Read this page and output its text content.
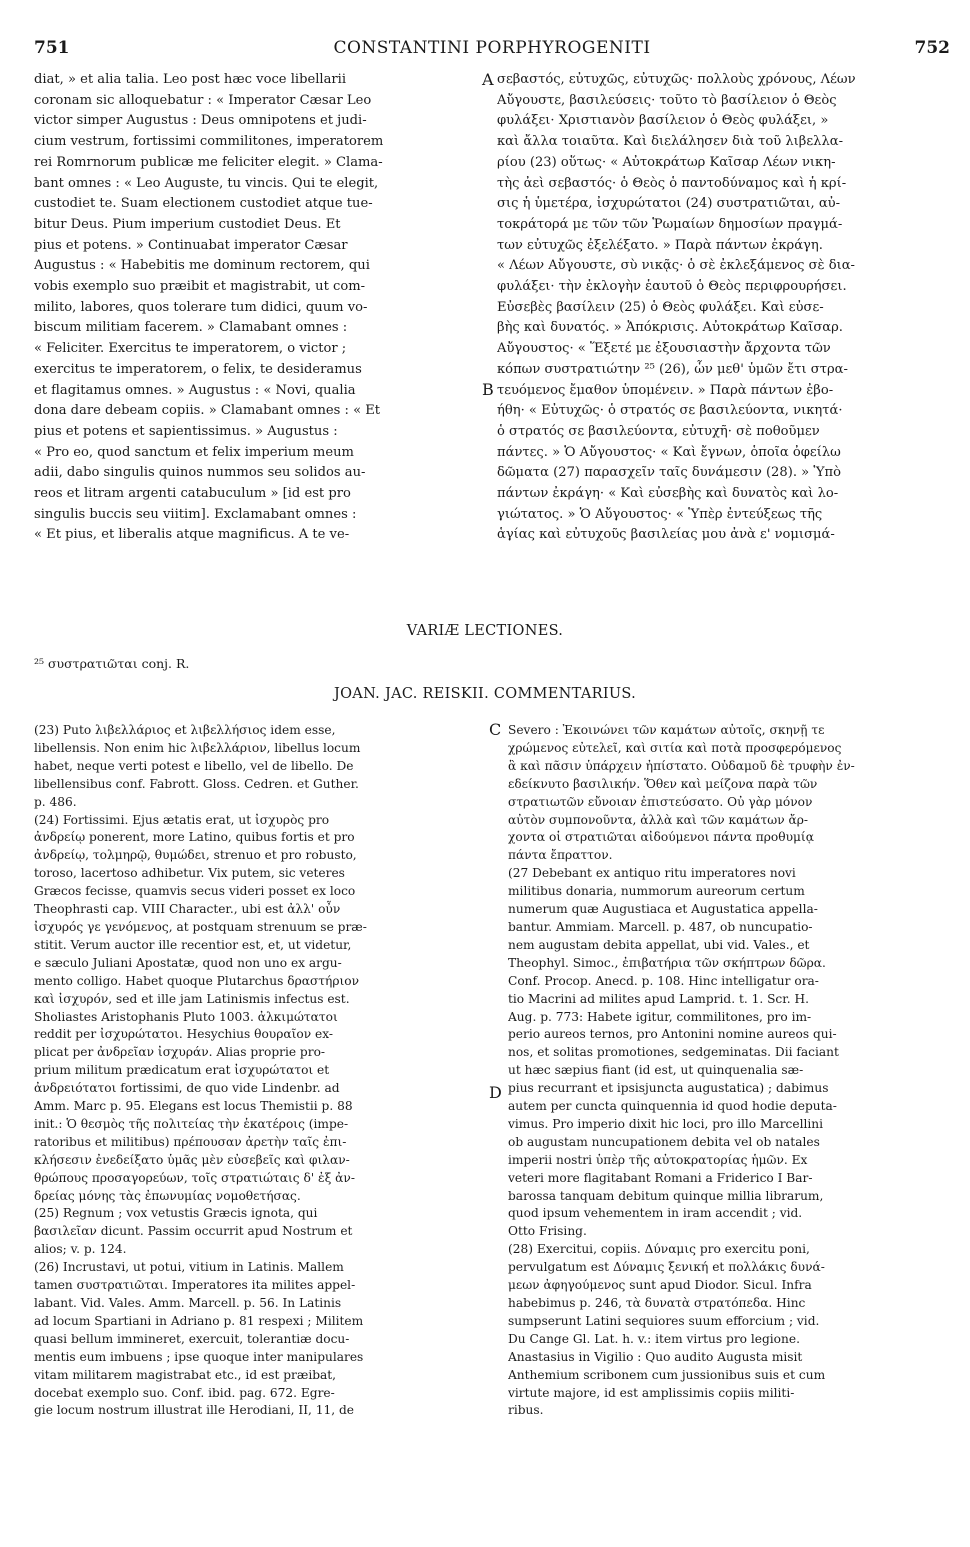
751	CONSTANTINI PORPHYROGENITI	752
diat, » et alia talia. Leo post hæc voce libellarii
coronam sic alloquebatur : « Imperator Cæsar Leo
victor simper Augustus : Deus omnipotens et judi-
cium vestrum, fortissimi commilitones, imperatorem
rei Romrnorum publicæ me feliciter elegit. » Clama-
bant omnes : « Leo Auguste, tu vincis. Qui te elegit,
custodiet te. Suam electionem custodiet atque tue-
bitur Deus. Pium imperium custodiet Deus. Et
pius et potens. » Continuabat imperator Cæsar
Augustus : « Habebitis me dominum rectorem, qui
vobis exemplo suo præibit et magistrabit, ut com-
milito, labores, quos tolerare tum didici, quum vo-
biscum militiam facerem. » Clamabant omnes :
« Feliciter. Exercitus te imperatorem, o victor ;
exercitus te imperatorem, o felix, te desideramus
et flagitamus omnes. » Augustus : « Novi, qualia
dona dare debeam copiis. » Clamabant omnes : « Et
pius et potens et sapientissimus. » Augustus :
« Pro eo, quod sanctum et felix imperium meum
adii, dabo singulis quinos nummos seu solidos au-
reos et litram argenti catabuculum » [id est pro
singulis buccis seu viitim]. Exclamabant omnes :
« Et pius, et liberalis atque magnificus. A te ve-
A
B
σεβαστός, εὐτυχῶς, εὐτυχῶς· πολλοὺς χρόνους, Λέων
Αὔγουστε, βασιλεύσεις· τοῦτο τὸ βασίλειον ὁ Θεὸς
φυλάξει· Χριστιανὸν βασίλειον ὁ Θεὸς φυλάξει, »
καὶ ἄλλα τοιαῦτα. Καὶ διελάλησεν διὰ τοῦ λιβελλα-
ρίου (23) οὕτως· « Αὐτοκράτωρ Καῖσαρ Λέων νικη-
τὴς ἀεὶ σεβαστός· ὁ Θεὸς ὁ παντοδύναμος καὶ ἡ κρί-
σις ἡ ὑμετέρα, ἰσχυρώτατοι (24) συστρατιῶται, αὐ-
τοκράτορά με τῶν τῶν Ῥωμαίων δημοσίων πραγμά-
των εὐτυχῶς ἐξελέξατο. » Παρὰ πάντων ἐκράγη.
« Λέων Αὔγουστε, σὺ νικᾷς· ὁ σὲ ἐκλεξάμενος σὲ δια-
φυλάξει· τὴν ἐκλογὴν ἑαυτοῦ ὁ Θεὸς περιφρουρήσει.
Εὐσεβὲς βασίλειν (25) ὁ Θεὸς φυλάξει. Καὶ εὐσε-
βὴς καὶ δυνατός. » Ἀπόκρισις. Αὐτοκράτωρ Καῖσαρ.
Αὔγουστος· « Ἕξετέ με ἐξουσιαστὴν ἄρχοντα τῶν
κόπων συστρατιώτην ²⁵ (26), ὧν μεθ' ὑμῶν ἔτι στρα-
τευόμενος ἔμαθον ὑπομένειν. » Παρὰ πάντων ἐβο-
ήθη· « Εὐτυχῶς· ὁ στρατός σε βασιλεύοντα, νικητά·
ὁ στρατός σε βασιλεύοντα, εὐτυχῆ· σὲ ποθοῦμεν
πάντες. » Ὁ Αὔγουστος· « Καὶ ἔγνων, ὁποῖα ὀφείλω
δῶματα (27) παρασχεῖν ταῖς δυνάμεσιν (28). » Ὑπὸ
πάντων ἐκράγη· « Καὶ εὐσεβὴς καὶ δυνατὸς καὶ λο-
γιώτατος. » Ὁ Αὔγουστος· « Ὑπὲρ ἐντεύξεως τῆς
ἁγίας καὶ εὐτυχοῦς βασιλείας μου ἀνὰ ε' νομισμά-
VARIÆ LECTIONES.
²⁵ συστρατιῶται conj. R.
JOAN. JAC. REISKII. COMMENTARIUS.
(23) Puto λιβελλάριος et λιβελλήσιος idem esse,
libellensis. Non enim hic λιβελλάριον, libellus locum
habet, neque verti potest e libello, vel de libello. De
libellensibus conf. Fabrott. Gloss. Cedren. et Guther.
p. 486.
(24) Fortissimi. Ejus ætatis erat, ut ἰσχυρὸς pro
ἀνδρείῳ ponerent, more Latino, quibus fortis et pro
ἀνδρείῳ, τολμηρῷ, θυμώδει, strenuo et pro robusto,
toroso, lacertoso adhibetur. Vix putem, sic veteres
Græcos fecisse, quamvis secus videri posset ex loco
Theophrasti cap. VIII Character., ubi est ἀλλ' οὖν
ἰσχυρός γε γενόμενος, at postquam strenuum se præ-
stitit. Verum auctor ille recentior est, et, ut videtur,
e sæculo Juliani Apostatæ, quod non uno ex argu-
mento colligo. Habet quoque Plutarchus δραστήριον
καὶ ἰσχυρόν, sed et ille jam Latinismis infectus est.
Sholiastes Aristophanis Pluto 1003. ἀλκιμώτατοι
reddit per ἰσχυρώτατοι. Hesychius θουραῖον ex-
plicat per ἀνδρεῖαν ἰσχυράν. Alias proprie pro-
prium militum prædicatum erat ἰσχυρώτατοι et
ἀνδρειότατοι fortissimi, de quo vide Lindenbr. ad
Amm. Marc p. 95. Elegans est locus Themistii p. 88
init.: Ὁ θεσμὸς τῆς πολιτείας τὴν ἑκατέροις (impe-
ratoribus et militibus) πρέπουσαν ἀρετὴν ταῖς ἐπι-
κλήσεσιν ἐνεδείξατο ὑμᾶς μὲν εὐσεβεῖς καὶ φιλαν-
θρώπους προσαγορεύων, τοῖς στρατιώταις δ' ἐξ ἀν-
δρείας μόνης τὰς ἐπωνυμίας νομοθετήσας.
(25) Regnum ; vox vetustis Græcis ignota, qui
βασιλεῖαν dicunt. Passim occurrit apud Nostrum et
alios; v. p. 124.
(26) Incrustavi, ut potui, vitium in Latinis. Mallem
tamen συστρατιῶται. Imperatores ita milites appel-
labant. Vid. Vales. Amm. Marcell. p. 56. In Latinis
ad locum Spartiani in Adriano p. 81 respexi ; Militem
quasi bellum immineret, exercuit, tolerantiæ docu-
mentis eum imbuens ; ipse quoque inter manipulares
vitam militarem magistrabat etc., id est præibat,
docebat exemplo suo. Conf. ibid. pag. 672. Egre-
gie locum nostrum illustrat ille Herodiani, II, 11, de
C
D
Severo : Ἐκοινώνει τῶν καμάτων αὐτοῖς, σκηνῇ τε
χρώμενος εὐτελεῖ, καὶ σιτία καὶ ποτὰ προσφερόμενος
ἃ καὶ πᾶσιν ὑπάρχειν ἠπίστατο. Οὐδαμοῦ δὲ τρυφὴν ἐν-
εδείκνυτο βασιλικήν. Ὅθεν καὶ μείζονα παρὰ τῶν
στρατιωτῶν εὔνοιαν ἐπιστεύσατο. Οὐ γὰρ μόνον
αὐτὸν συμπονοῦντα, ἀλλὰ καὶ τῶν καμάτων ἄρ-
χοντα οἱ στρατιῶται αἰδούμενοι πάντα προθυμίᾳ
πάντα ἔπραττον.
(27 Debebant ex antiquo ritu imperatores novi
militibus donaria, nummorum aureorum certum
numerum quæ Augustiaca et Augustatica appella-
bantur. Ammiam. Marcell. p. 487, ob nuncupatio-
nem augustam debita appellat, ubi vid. Vales., et
Theophyl. Simoc., ἐπιβατήρια τῶν σκήπτρων δῶρα.
Conf. Procop. Anecd. p. 108. Hinc intelligatur ora-
tio Macrini ad milites apud Lamprid. t. 1. Scr. H.
Aug. p. 773: Habete igitur, commilitones, pro im-
perio aureos ternos, pro Antonini nomine aureos qui-
nos, et solitas promotiones, sedgeminatas. Dii faciant
ut hæc sæpius fiant (id est, ut quinquenalia sæ-
pius recurrant et ipsisjuncta augustatica) ; dabimus
autem per cuncta quinquennia id quod hodie deputa-
vimus. Pro imperio dixit hic loci, pro illo Marcellini
ob augustam nuncupationem debita vel ob natales
imperii nostri ὑπὲρ τῆς αὐτοκρατορίας ἡμῶν. Ex
veteri more flagitabant Romani a Friderico I Bar-
barossa tanquam debitum quinque millia librarum,
quod ipsum vehementem in iram accendit ; vid.
Otto Frising.
(28) Exercitui, copiis. Δύναμις pro exercitu poni,
pervulgatum est Δύναμις ξενική et πολλάκις δυνά-
μεων ἀφηγούμενος sunt apud Diodor. Sicul. Infra
habebimus p. 246, τὰ δυνατὰ στρατόπεδα. Hinc
sumpserunt Latini sequiores suum efforcium ; vid.
Du Cange Gl. Lat. h. v.: item virtus pro legione.
Anastasius in Vigilio : Quo audito Augusta misit
Anthemium scribonem cum jussionibus suis et cum
virtute majore, id est amplissimis copiis militi-
ribus.
